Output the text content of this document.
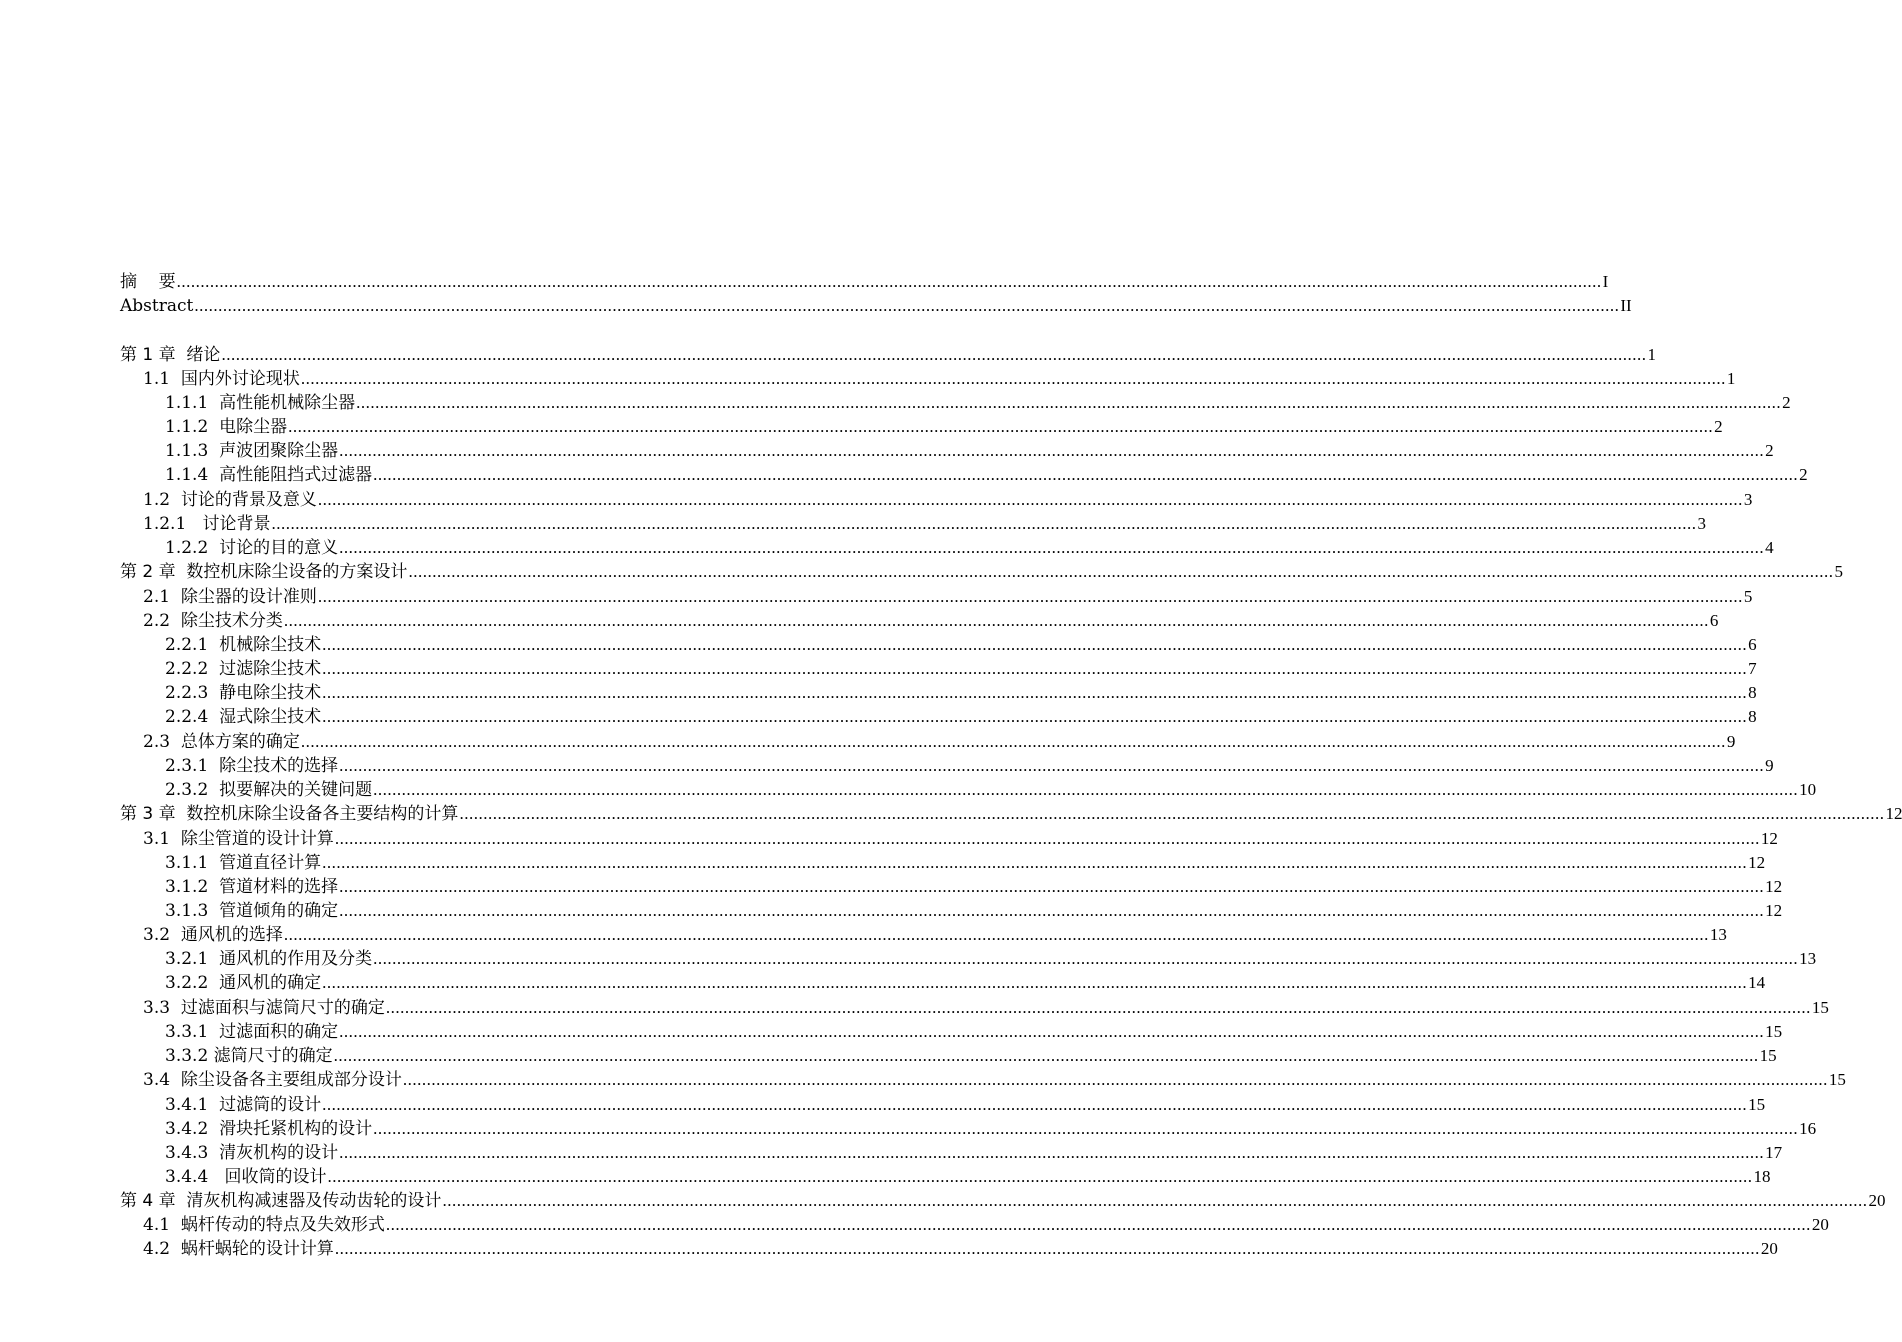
摘    要 ............................................................................................................................................................................................................................................................................................................ I
Abstract ............................................................................................................................................................................................................................................................................................................ II
第 1 章  绪论 ............................................................................................................................................................................................................................................................................................................ 1
1.1  国内外讨论现状 ............................................................................................................................................................................................................................................................................................................ 1
1.1.1  高性能机械除尘器 ............................................................................................................................................................................................................................................................................................................ 2
1.1.2  电除尘器 ............................................................................................................................................................................................................................................................................................................ 2
1.1.3  声波团聚除尘器 ............................................................................................................................................................................................................................................................................................................ 2
1.1.4  高性能阻挡式过滤器 ............................................................................................................................................................................................................................................................................................................ 2
1.2  讨论的背景及意义 ............................................................................................................................................................................................................................................................................................................ 3
1.2.1   讨论背景 ............................................................................................................................................................................................................................................................................................................ 3
1.2.2  讨论的目的意义 ............................................................................................................................................................................................................................................................................................................ 4
第 2 章  数控机床除尘设备的方案设计 ............................................................................................................................................................................................................................................................................................................ 5
2.1  除尘器的设计准则 ............................................................................................................................................................................................................................................................................................................ 5
2.2  除尘技术分类 ............................................................................................................................................................................................................................................................................................................ 6
2.2.1  机械除尘技术 ............................................................................................................................................................................................................................................................................................................ 6
2.2.2  过滤除尘技术 ............................................................................................................................................................................................................................................................................................................ 7
2.2.3  静电除尘技术 ............................................................................................................................................................................................................................................................................................................ 8
2.2.4  湿式除尘技术 ............................................................................................................................................................................................................................................................................................................ 8
2.3  总体方案的确定 ............................................................................................................................................................................................................................................................................................................ 9
2.3.1  除尘技术的选择 ............................................................................................................................................................................................................................................................................................................ 9
2.3.2  拟要解决的关键问题 ............................................................................................................................................................................................................................................................................................................ 10
第 3 章  数控机床除尘设备各主要结构的计算 ............................................................................................................................................................................................................................................................................................................ 12
3.1  除尘管道的设计计算 ............................................................................................................................................................................................................................................................................................................ 12
3.1.1  管道直径计算 ............................................................................................................................................................................................................................................................................................................ 12
3.1.2  管道材料的选择 ............................................................................................................................................................................................................................................................................................................ 12
3.1.3  管道倾角的确定 ............................................................................................................................................................................................................................................................................................................ 12
3.2  通风机的选择 ............................................................................................................................................................................................................................................................................................................ 13
3.2.1  通风机的作用及分类 ............................................................................................................................................................................................................................................................................................................ 13
3.2.2  通风机的确定 ............................................................................................................................................................................................................................................................................................................ 14
3.3  过滤面积与滤筒尺寸的确定 ............................................................................................................................................................................................................................................................................................................ 15
3.3.1  过滤面积的确定 ............................................................................................................................................................................................................................................................................................................ 15
3.3.2 滤筒尺寸的确定 ............................................................................................................................................................................................................................................................................................................ 15
3.4  除尘设备各主要组成部分设计 ............................................................................................................................................................................................................................................................................................................ 15
3.4.1  过滤筒的设计 ............................................................................................................................................................................................................................................................................................................ 15
3.4.2  滑块托紧机构的设计 ............................................................................................................................................................................................................................................................................................................ 16
3.4.3  清灰机构的设计 ............................................................................................................................................................................................................................................................................................................ 17
3.4.4   回收筒的设计 ............................................................................................................................................................................................................................................................................................................ 18
第 4 章  清灰机构减速器及传动齿轮的设计 ............................................................................................................................................................................................................................................................................................................ 20
4.1  蜗杆传动的特点及失效形式 ............................................................................................................................................................................................................................................................................................................ 20
4.2  蜗杆蜗轮的设计计算 ............................................................................................................................................................................................................................................................................................................ 20
